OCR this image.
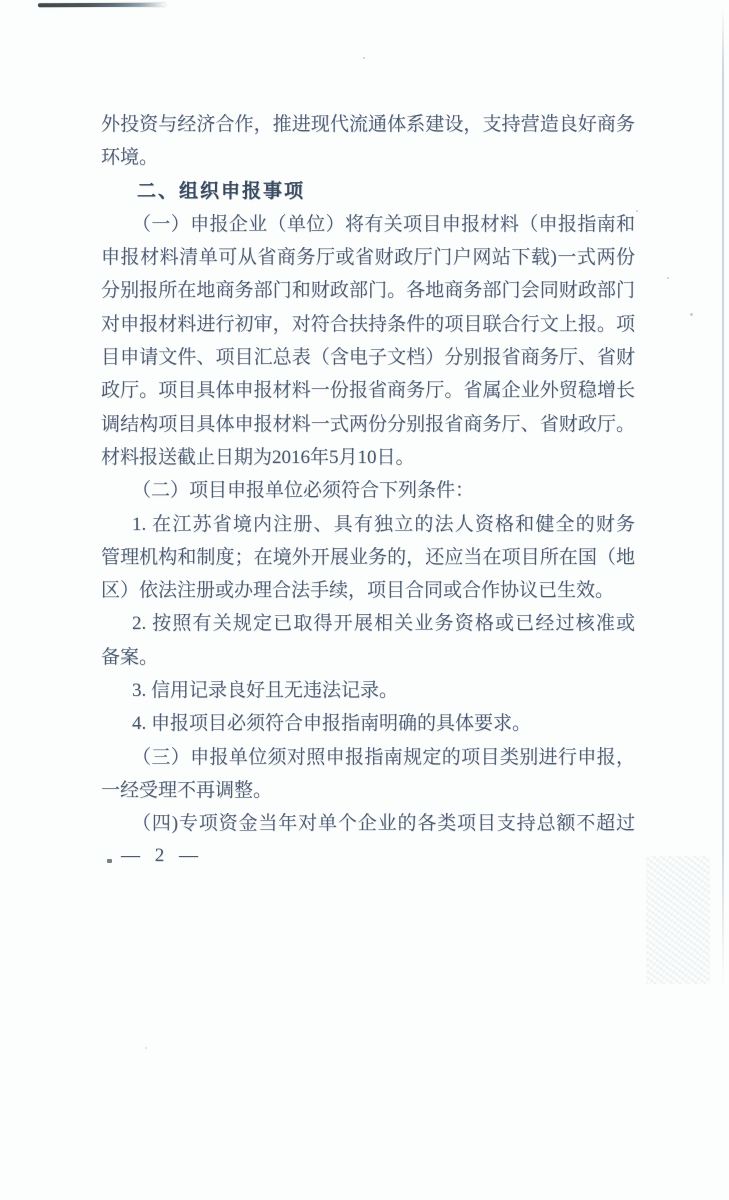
外投资与经济合作，推进现代流通体系建设，支持营造良好商务
环境。
二、组织申报事项
（一）申报企业（单位）将有关项目申报材料（申报指南和
申报材料清单可从省商务厅或省财政厅门户网站下载)一式两份
分别报所在地商务部门和财政部门。各地商务部门会同财政部门
对申报材料进行初审，对符合扶持条件的项目联合行文上报。项
目申请文件、项目汇总表（含电子文档）分别报省商务厅、省财
政厅。项目具体申报材料一份报省商务厅。省属企业外贸稳增长
调结构项目具体申报材料一式两份分别报省商务厅、省财政厅。
材料报送截止日期为2016年5月10日。
（二）项目申报单位必须符合下列条件：
1. 在江苏省境内注册、具有独立的法人资格和健全的财务
管理机构和制度；在境外开展业务的，还应当在项目所在国（地
区）依法注册或办理合法手续，项目合同或合作协议已生效。
2. 按照有关规定已取得开展相关业务资格或已经过核准或
备案。
3. 信用记录良好且无违法记录。
4. 申报项目必须符合申报指南明确的具体要求。
（三）申报单位须对照申报指南规定的项目类别进行申报，
一经受理不再调整。
（四)专项资金当年对单个企业的各类项目支持总额不超过
— 2 —
